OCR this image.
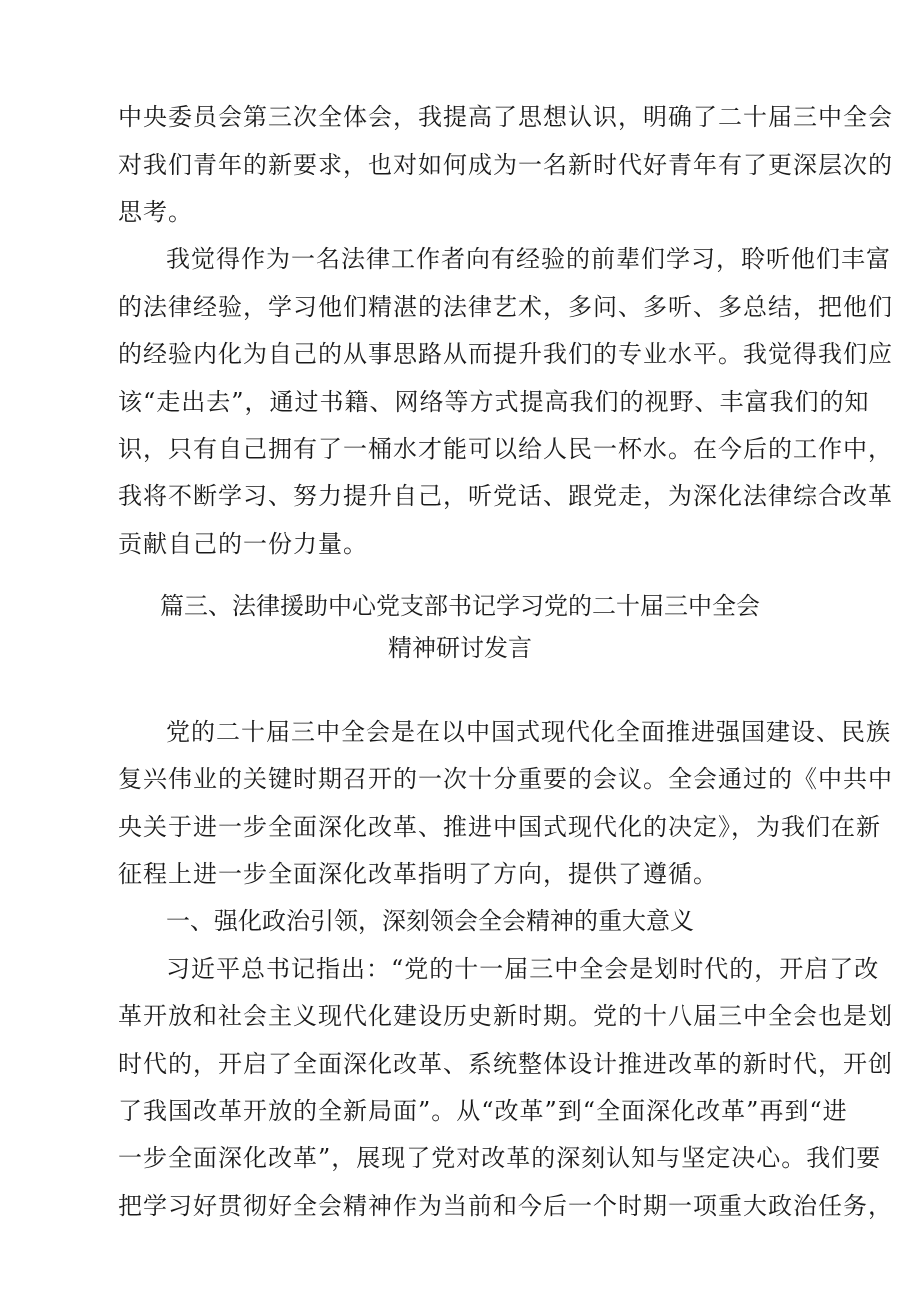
中央委员会第三次全体会，我提高了思想认识，明确了二十届三中全会
对我们青年的新要求，也对如何成为一名新时代好青年有了更深层次的
思考。
我觉得作为一名法律工作者向有经验的前辈们学习，聆听他们丰富
的法律经验，学习他们精湛的法律艺术，多问、多听、多总结，把他们
的经验内化为自己的从事思路从而提升我们的专业水平。我觉得我们应
该“走出去”，通过书籍、网络等方式提高我们的视野、丰富我们的知
识，只有自己拥有了一桶水才能可以给人民一杯水。在今后的工作中，
我将不断学习、努力提升自己，听党话、跟党走，为深化法律综合改革
贡献自己的一份力量。
篇三、法律援助中心党支部书记学习党的二十届三中全会
精神研讨发言
党的二十届三中全会是在以中国式现代化全面推进强国建设、民族
复兴伟业的关键时期召开的一次十分重要的会议。全会通过的《中共中
央关于进一步全面深化改革、推进中国式现代化的决定》，为我们在新
征程上进一步全面深化改革指明了方向，提供了遵循。
一、强化政治引领，深刻领会全会精神的重大意义
习近平总书记指出：“党的十一届三中全会是划时代的，开启了改
革开放和社会主义现代化建设历史新时期。党的十八届三中全会也是划
时代的，开启了全面深化改革、系统整体设计推进改革的新时代，开创
了我国改革开放的全新局面”。从“改革”到“全面深化改革”再到“进
一步全面深化改革”，展现了党对改革的深刻认知与坚定决心。我们要
把学习好贯彻好全会精神作为当前和今后一个时期一项重大政治任务，
